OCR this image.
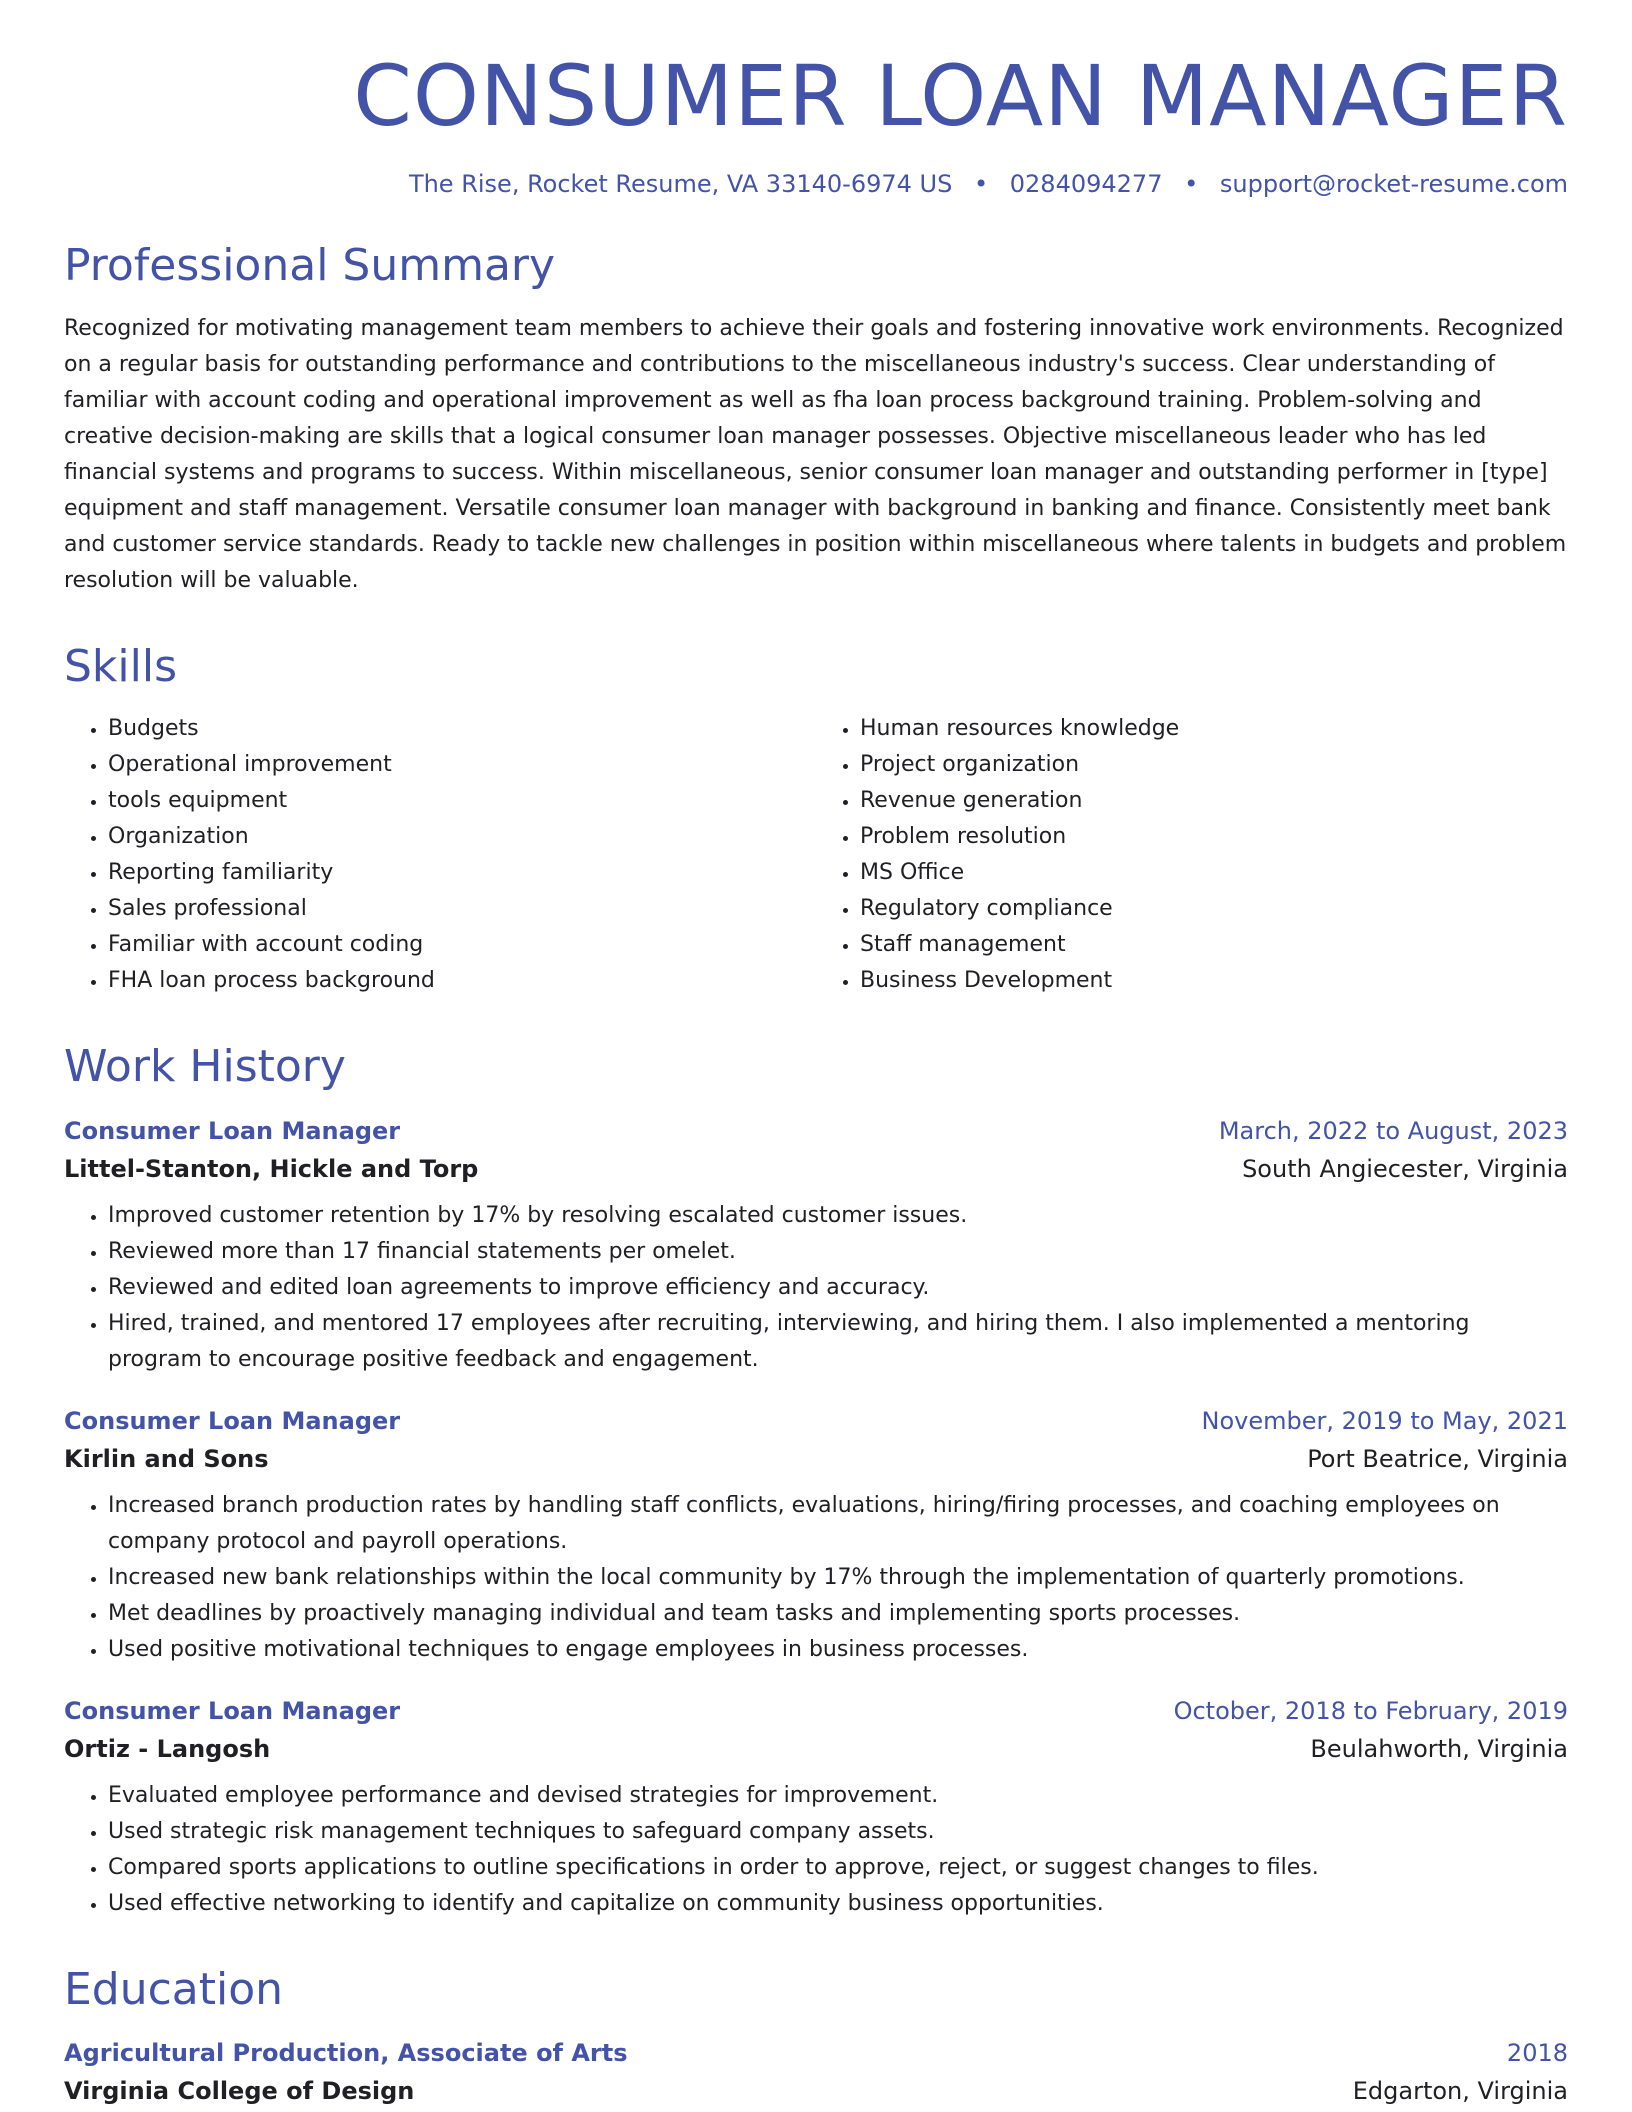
CONSUMER LOAN MANAGER
The Rise, Rocket Resume, VA 33140-6974 US • 0284094277 • support@rocket-resume.com
Professional Summary

Recognized for motivating management team members to achieve their goals and fostering innovative work environments. Recognized on a regular basis for outstanding performance and contributions to the miscellaneous industry's success. Clear understanding of familiar with account coding and operational improvement as well as fha loan process background training. Problem-solving and creative decision-making are skills that a logical consumer loan manager possesses. Objective miscellaneous leader who has led financial systems and programs to success. Within miscellaneous, senior consumer loan manager and outstanding performer in [type] equipment and staff management. Versatile consumer loan manager with background in banking and finance. Consistently meet bank and customer service standards. Ready to tackle new challenges in position within miscellaneous where talents in budgets and problem resolution will be valuable.

Skills
• Budgets
• Operational improvement
• tools equipment
• Organization
• Reporting familiarity
• Sales professional
• Familiar with account coding
• FHA loan process background
• Human resources knowledge
• Project organization
• Revenue generation
• Problem resolution
• MS Office
• Regulatory compliance
• Staff management
• Business Development
Work History
Consumer Loan Manager	March, 2022 to August, 2023
Littel-Stanton, Hickle and Torp	South Angiecester, Virginia
• Improved customer retention by 17% by resolving escalated customer issues.
• Reviewed more than 17 financial statements per omelet.
• Reviewed and edited loan agreements to improve efficiency and accuracy.
• Hired, trained, and mentored 17 employees after recruiting, interviewing, and hiring them. I also implemented a mentoring program to encourage positive feedback and engagement.
Consumer Loan Manager	November, 2019 to May, 2021
Kirlin and Sons	Port Beatrice, Virginia
• Increased branch production rates by handling staff conflicts, evaluations, hiring/firing processes, and coaching employees on company protocol and payroll operations.
• Increased new bank relationships within the local community by 17% through the implementation of quarterly promotions.
• Met deadlines by proactively managing individual and team tasks and implementing sports processes.
• Used positive motivational techniques to engage employees in business processes.
Consumer Loan Manager	October, 2018 to February, 2019
Ortiz - Langosh	Beulahworth, Virginia
• Evaluated employee performance and devised strategies for improvement.
• Used strategic risk management techniques to safeguard company assets.
• Compared sports applications to outline specifications in order to approve, reject, or suggest changes to files.
• Used effective networking to identify and capitalize on community business opportunities.
Education
Agricultural Production, Associate of Arts	2018
Virginia College of Design	Edgarton, Virginia
